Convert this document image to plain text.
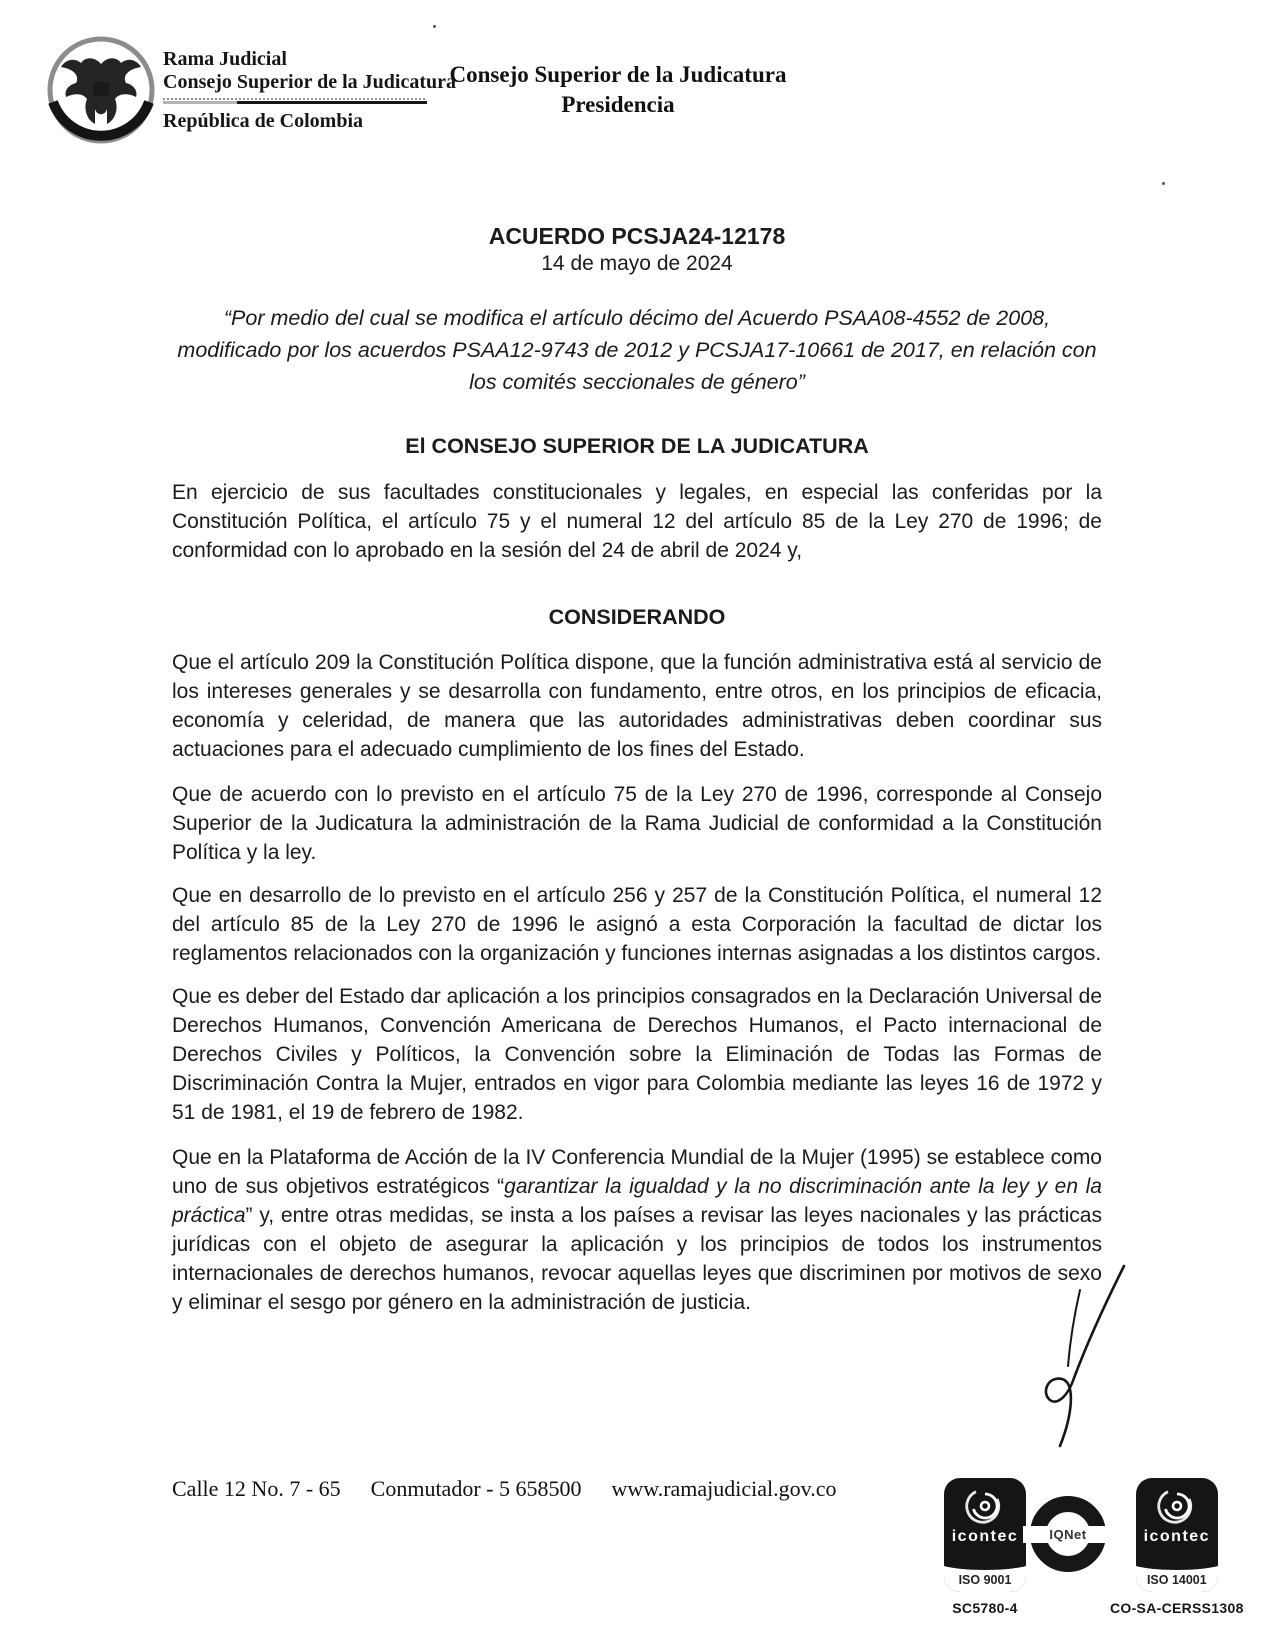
Rama Judicial
Consejo Superior de la Judicatura
República de Colombia
Consejo Superior de la Judicatura
Presidencia
ACUERDO PCSJA24-12178
14 de mayo de 2024
“Por medio del cual se modifica el artículo décimo del Acuerdo PSAA08-4552 de 2008, modificado por los acuerdos PSAA12-9743 de 2012 y PCSJA17-10661 de 2017, en relación con los comités seccionales de género”
El CONSEJO SUPERIOR DE LA JUDICATURA

En ejercicio de sus facultades constitucionales y legales, en especial las conferidas por la Constitución Política, el artículo 75 y el numeral 12 del artículo 85 de la Ley 270 de 1996; de conformidad con lo aprobado en la sesión del 24 de abril de 2024 y,

CONSIDERANDO

Que el artículo 209 la Constitución Política dispone, que la función administrativa está al servicio de los intereses generales y se desarrolla con fundamento, entre otros, en los principios de eficacia, economía y celeridad, de manera que las autoridades administrativas deben coordinar sus actuaciones para el adecuado cumplimiento de los fines del Estado.

Que de acuerdo con lo previsto en el artículo 75 de la Ley 270 de 1996, corresponde al Consejo Superior de la Judicatura la administración de la Rama Judicial de conformidad a la Constitución Política y la ley.

Que en desarrollo de lo previsto en el artículo 256 y 257 de la Constitución Política, el numeral 12 del artículo 85 de la Ley 270 de 1996 le asignó a esta Corporación la facultad de dictar los reglamentos relacionados con la organización y funciones internas asignadas a los distintos cargos.

Que es deber del Estado dar aplicación a los principios consagrados en la Declaración Universal de Derechos Humanos, Convención Americana de Derechos Humanos, el Pacto internacional de Derechos Civiles y Políticos, la Convención sobre la Eliminación de Todas las Formas de Discriminación Contra la Mujer, entrados en vigor para Colombia mediante las leyes 16 de 1972 y 51 de 1981, el 19 de febrero de 1982.

Que en la Plataforma de Acción de la IV Conferencia Mundial de la Mujer (1995) se establece como uno de sus objetivos estratégicos “garantizar la igualdad y la no discriminación ante la ley y en la práctica” y, entre otras medidas, se insta a los países a revisar las leyes nacionales y las prácticas jurídicas con el objeto de asegurar la aplicación y los principios de todos los instrumentos internacionales de derechos humanos, revocar aquellas leyes que discriminen por motivos de sexo y eliminar el sesgo por género en la administración de justicia.

Calle 12 No. 7 - 65 Conmutador - 5 658500 www.ramajudicial.gov.co
icontec
ISO 9001
SC5780-4
IQNet	icontec
ISO 14001
CO-SA-CERSS1308
